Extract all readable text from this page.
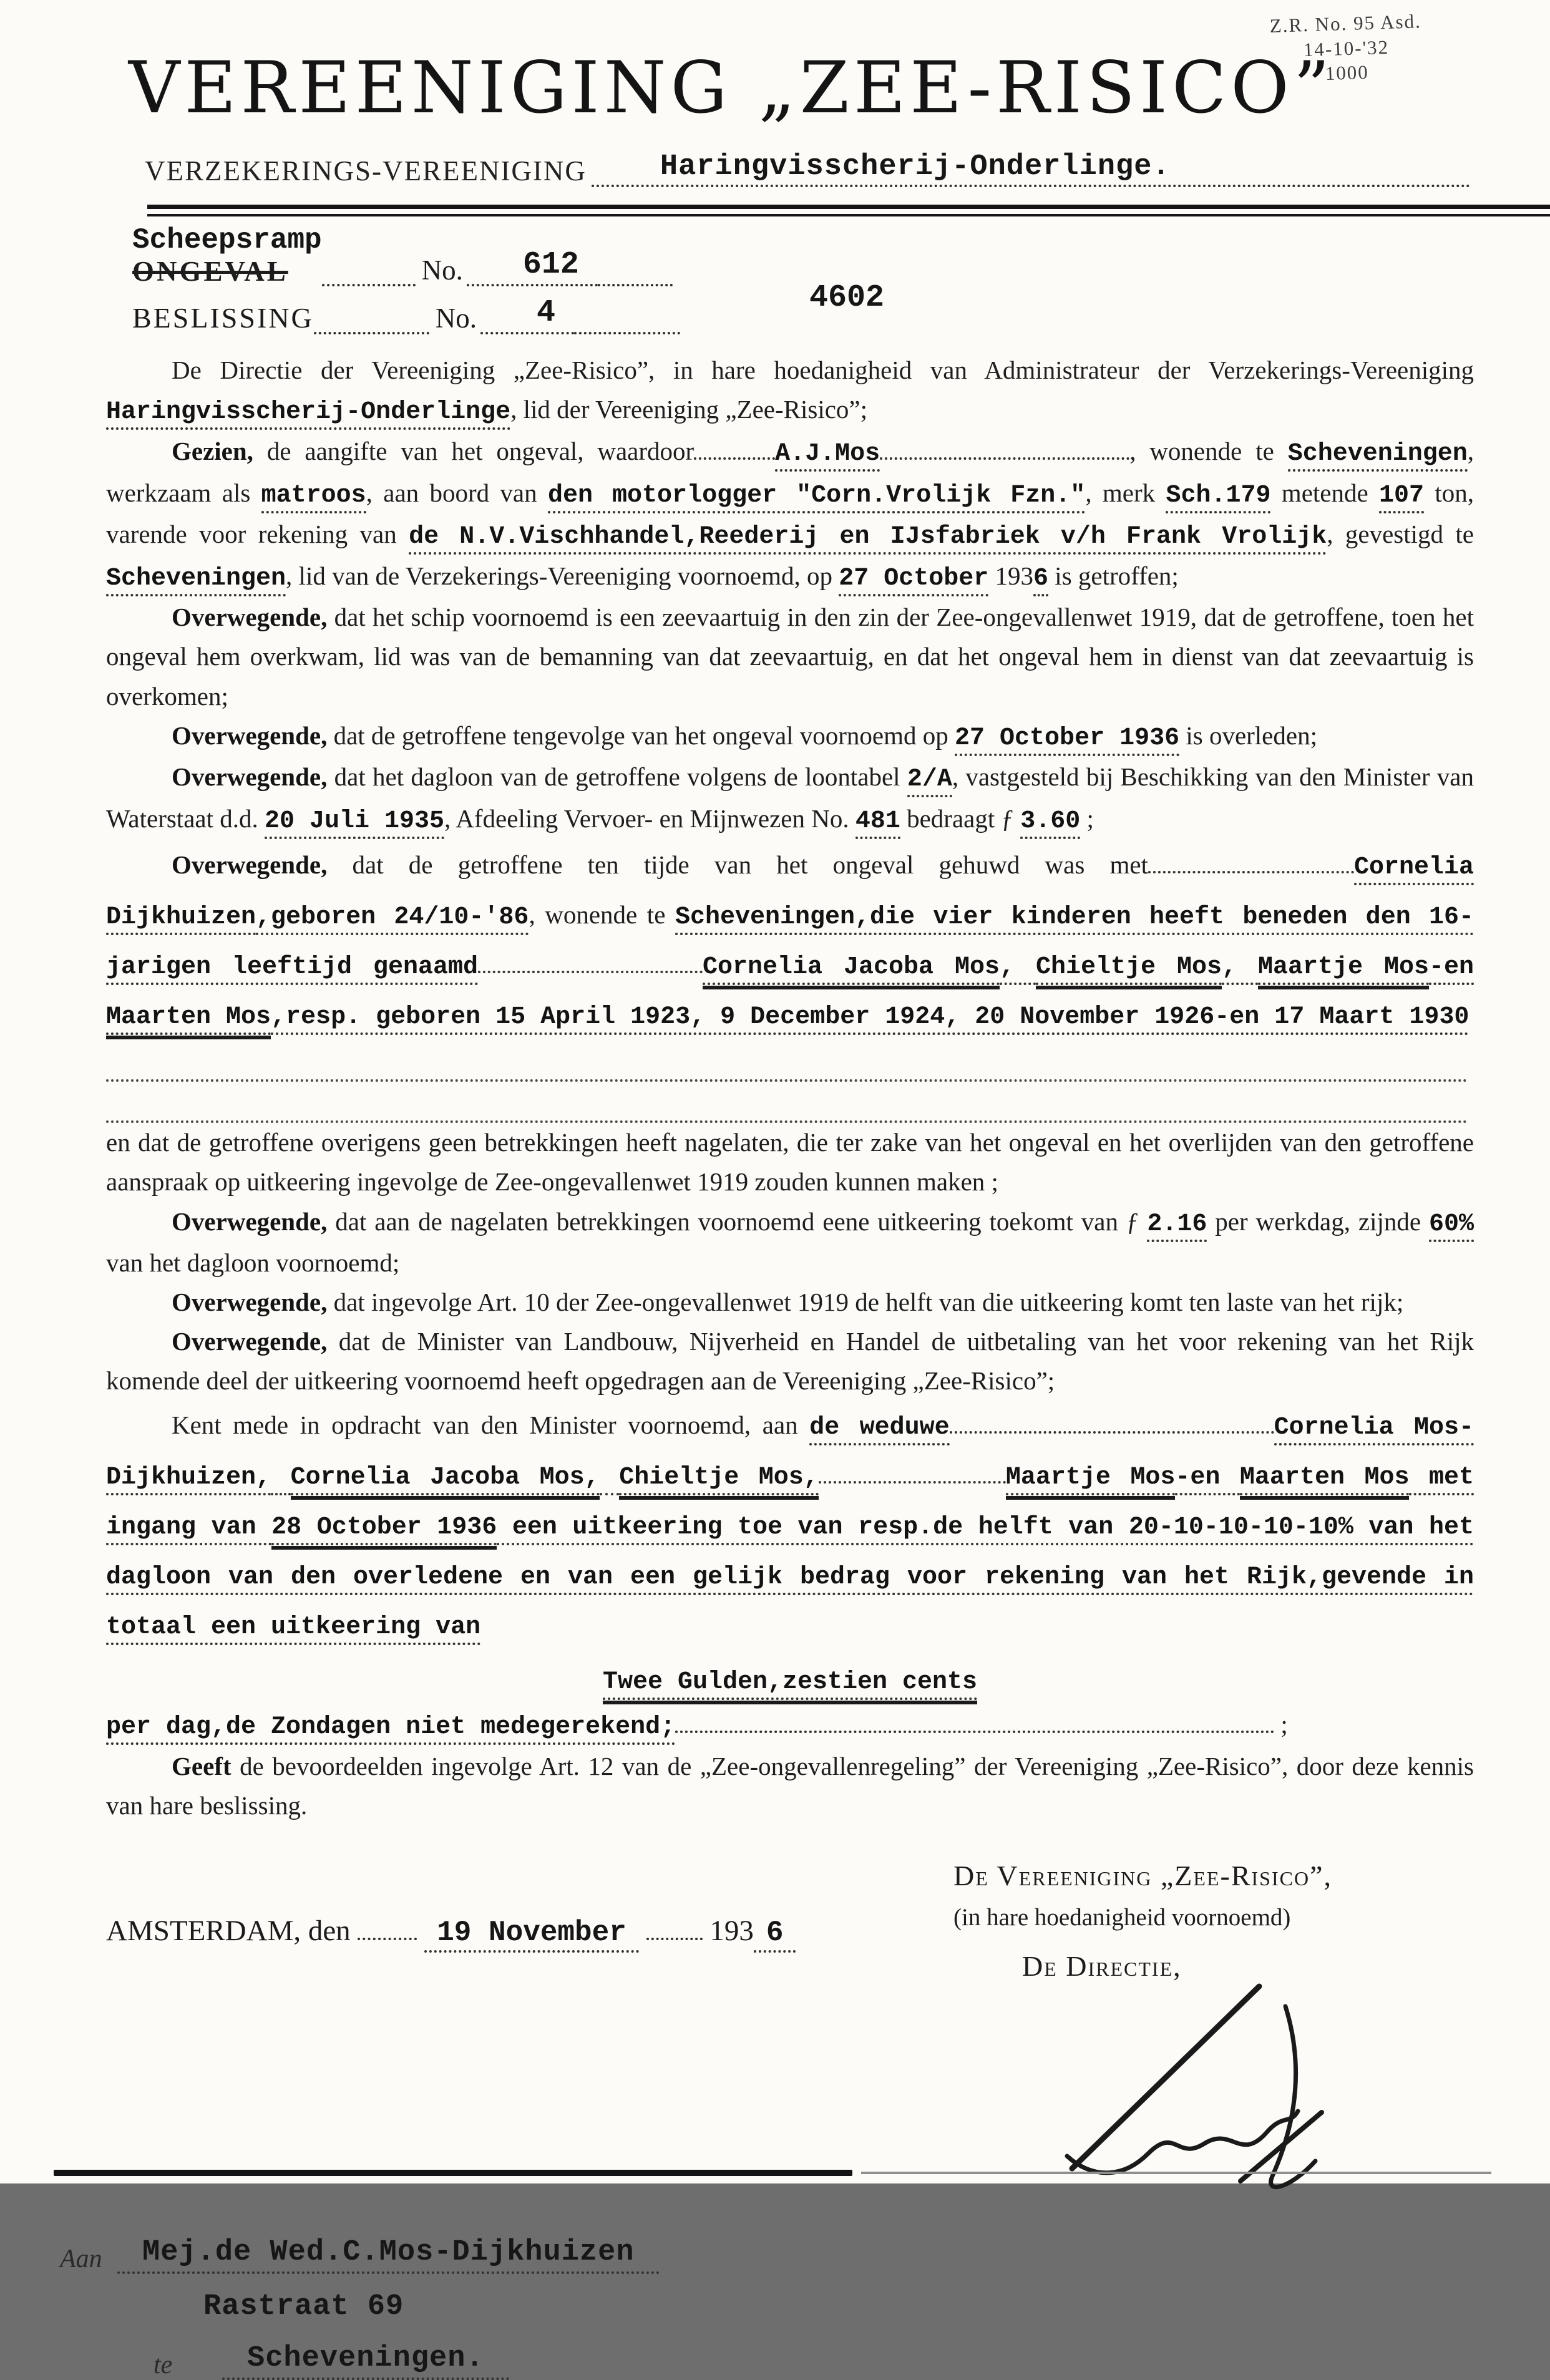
Z.R. No. 95 Asd.
14-10-'32
1000
VEREENIGING „ZEE-RISICO”
VERZEKERINGS-VEREENIGING	Haringvisscherij-Onderlinge.
Scheepsramp
ONGEVAL	No.	612
BESLISSING	No.	4	4602
De Directie der Vereeniging „Zee-Risico”, in hare hoedanigheid van Administrateur der Verzekerings-Vereeniging Haringvisscherij-Onderlinge, lid der Vereeniging „Zee-Risico”;
Gezien, de aangifte van het ongeval, waardoor	A.J.Mos	, wonende te Scheveningen, werkzaam als matroos, aan boord van den motorlogger "Corn.Vrolijk Fzn.", merk Sch.179 metende 107 ton, varende voor rekening van de N.V.Vischhandel,Reederij en IJsfabriek v/h Frank Vrolijk, gevestigd te Scheveningen, lid van de Verzekerings-Vereeniging voornoemd, op 27 October 1936 is getroffen;
Overwegende, dat het schip voornoemd is een zeevaartuig in den zin der Zee-ongevallenwet 1919, dat de getroffene, toen het ongeval hem overkwam, lid was van de bemanning van dat zeevaartuig, en dat het ongeval hem in dienst van dat zeevaartuig is overkomen;
Overwegende, dat de getroffene tengevolge van het ongeval voornoemd op 27 October 1936 is overleden;
Overwegende, dat het dagloon van de getroffene volgens de loontabel 2/A, vastgesteld bij Beschikking van den Minister van Waterstaat d.d. 20 Juli 1935, Afdeeling Vervoer- en Mijnwezen No. 481 bedraagt ƒ 3.60 ;
Overwegende, dat de getroffene ten tijde van het ongeval gehuwd was met	Cornelia Dijkhuizen,geboren 24/10-'86, wonende te Scheveningen,die vier kinderen heeft beneden den 16-jarigen leeftijd genaamd	Cornelia Jacoba Mos, Chieltje Mos, Maartje Mos-en Maarten Mos,resp. geboren 15 April 1923, 9 December 1924, 20 November 1926-en 17 Maart 1930
en dat de getroffene overigens geen betrekkingen heeft nagelaten, die ter zake van het ongeval en het overlijden van den getroffene aanspraak op uitkeering ingevolge de Zee-ongevallenwet 1919 zouden kunnen maken ;
Overwegende, dat aan de nagelaten betrekkingen voornoemd eene uitkeering toekomt van ƒ 2.16 per werkdag, zijnde 60% van het dagloon voornoemd;
Overwegende, dat ingevolge Art. 10 der Zee-ongevallenwet 1919 de helft van die uitkeering komt ten laste van het rijk;
Overwegende, dat de Minister van Landbouw, Nijverheid en Handel de uitbetaling van het voor rekening van het Rijk komende deel der uitkeering voornoemd heeft opgedragen aan de Vereeniging „Zee-Risico”;
Kent mede in opdracht van den Minister voornoemd, aan de weduwe	Cornelia Mos-Dijkhuizen, Cornelia Jacoba Mos, Chieltje Mos,	Maartje Mos-en Maarten Mos met ingang van 28 October 1936 een uitkeering toe van resp.de helft van 20-10-10-10-10% van het dagloon van den overledene en van een gelijk bedrag voor rekening van het Rijk,gevende in totaal een uitkeering van
Twee Gulden,zestien cents
per dag,de Zondagen niet medegerekend;	;
Geeft de bevoordeelden ingevolge Art. 12 van de „Zee-ongevallenregeling” der Vereeniging „Zee-Risico”, door deze kennis van hare beslissing.
AMSTERDAM, den	19 November	193 6
De Vereeniging „Zee-Risico”,
(in hare hoedanigheid voornoemd)
De Directie,
Aan	Mej.de Wed.C.Mos-Dijkhuizen
Rastraat 69
te	Scheveningen.
